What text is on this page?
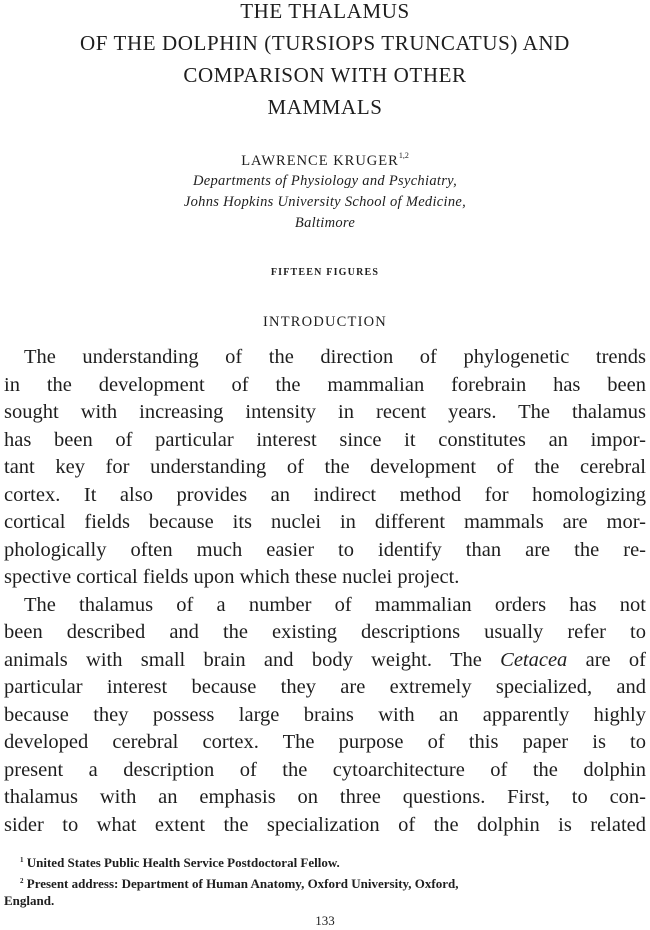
THE THALAMUS
OF THE DOLPHIN (TURSIOPS TRUNCATUS) AND
COMPARISON WITH OTHER
MAMMALS
LAWRENCE KRUGER$^{1,2}$
Departments of Physiology and Psychiatry,
Johns Hopkins University School of Medicine,
Baltimore
FIFTEEN FIGURES
INTRODUCTION
The understanding of the direction of phylogenetic trends
in the development of the mammalian forebrain has been
sought with increasing intensity in recent years. The thalamus
has been of particular interest since it constitutes an impor-
tant key for understanding of the development of the cerebral
cortex. It also provides an indirect method for homologizing
cortical fields because its nuclei in different mammals are mor-
phologically often much easier to identify than are the re-
spective cortical fields upon which these nuclei project.
The thalamus of a number of mammalian orders has not
been described and the existing descriptions usually refer to
animals with small brain and body weight. The Cetacea are of
particular interest because they are extremely specialized, and
because they possess large brains with an apparently highly
developed cerebral cortex. The purpose of this paper is to
present a description of the cytoarchitecture of the dolphin
thalamus with an emphasis on three questions. First, to con-
sider to what extent the specialization of the dolphin is related
$^1$ United States Public Health Service Postdoctoral Fellow.
$^2$ Present address: Department of Human Anatomy, Oxford University, Oxford,
England.
133
